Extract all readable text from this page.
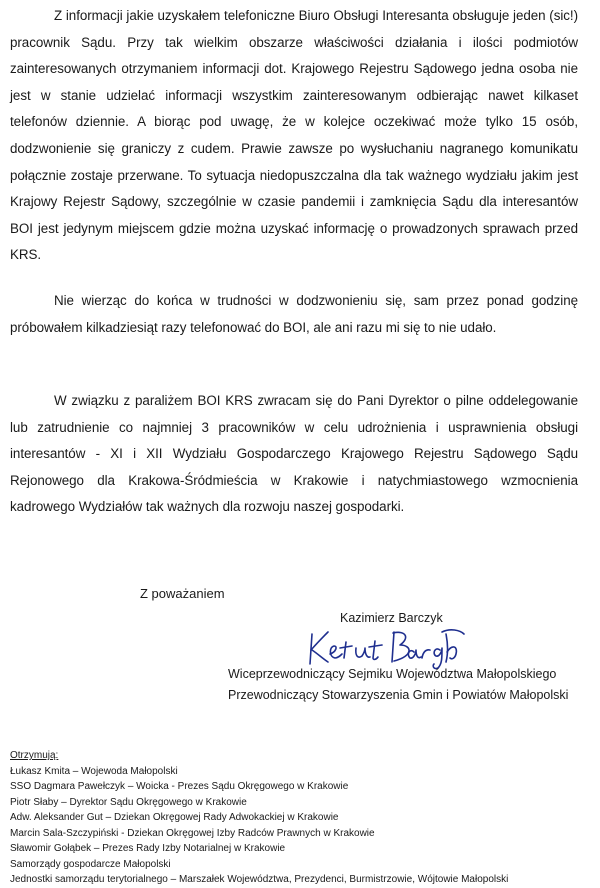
Z informacji jakie uzyskałem telefoniczne Biuro Obsługi Interesanta obsługuje jeden (sic!) pracownik Sądu. Przy tak wielkim obszarze właściwości działania i ilości podmiotów zainteresowanych otrzymaniem informacji dot. Krajowego Rejestru Sądowego jedna osoba nie jest w stanie udzielać informacji wszystkim zainteresowanym odbierając nawet kilkaset telefonów dziennie. A biorąc pod uwagę, że w kolejce oczekiwać może tylko 15 osób, dodzwonienie się graniczy z cudem. Prawie zawsze po wysłuchaniu nagranego komunikatu połącznie zostaje przerwane. To sytuacja niedopuszczalna dla tak ważnego wydziału jakim jest Krajowy Rejestr Sądowy, szczególnie w czasie pandemii i zamknięcia Sądu dla interesantów BOI jest jedynym miejscem gdzie można uzyskać informację o prowadzonych sprawach przed KRS.

Nie wierząc do końca w trudności w dodzwonieniu się, sam przez ponad godzinę próbowałem kilkadziesiąt razy telefonować do BOI, ale ani razu mi się to nie udało.

W związku z paraliżem BOI KRS zwracam się do Pani Dyrektor o pilne oddelegowanie lub zatrudnienie co najmniej 3 pracowników w celu udrożnienia i usprawnienia obsługi interesantów - XI i XII Wydziału Gospodarczego Krajowego Rejestru Sądowego Sądu Rejonowego dla Krakowa-Śródmieścia w Krakowie i natychmiastowego wzmocnienia kadrowego Wydziałów tak ważnych dla rozwoju naszej gospodarki.

Z poważaniem

Kazimierz Barczyk

Wiceprzewodniczący Sejmiku Województwa Małopolskiego
Przewodniczący Stowarzyszenia Gmin i Powiatów Małopolski
Otrzymują:
Łukasz Kmita – Wojewoda Małopolski
SSO Dagmara Pawełczyk – Woicka - Prezes Sądu Okręgowego w Krakowie
Piotr Słaby – Dyrektor Sądu Okręgowego w Krakowie
Adw. Aleksander Gut – Dziekan Okręgowej Rady Adwokackiej w Krakowie
Marcin Sala-Szczypiński - Dziekan Okręgowej Izby Radców Prawnych w Krakowie
Sławomir Gołąbek – Prezes Rady Izby Notarialnej w Krakowie
Samorządy gospodarcze Małopolski
Jednostki samorządu terytorialnego – Marszałek Województwa, Prezydenci, Burmistrzowie, Wójtowie Małopolski
